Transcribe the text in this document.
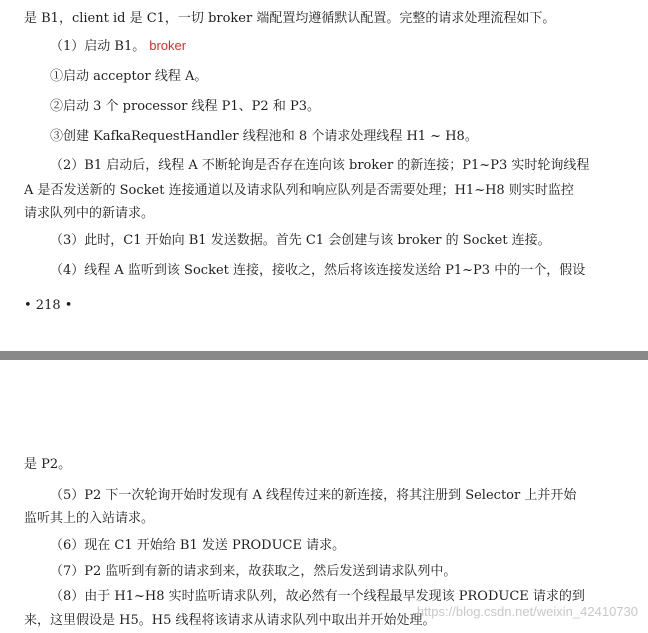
是 B1，client id 是 C1，一切 broker 端配置均遵循默认配置。完整的请求处理流程如下。
（1）启动 B1。 broker
①启动 acceptor 线程 A。
②启动 3 个 processor 线程 P1、P2 和 P3。
③创建 KafkaRequestHandler 线程池和 8 个请求处理线程 H1 ~ H8。
（2）B1 启动后，线程 A 不断轮询是否存在连向该 broker 的新连接；P1~P3 实时轮询线程
A 是否发送新的 Socket 连接通道以及请求队列和响应队列是否需要处理；H1~H8 则实时监控
请求队列中的新请求。
（3）此时，C1 开始向 B1 发送数据。首先 C1 会创建与该 broker 的 Socket 连接。
（4）线程 A 监听到该 Socket 连接，接收之，然后将该连接发送给 P1~P3 中的一个，假设
• 218 •
是 P2。
（5）P2 下一次轮询开始时发现有 A 线程传过来的新连接，将其注册到 Selector 上并开始
监听其上的入站请求。
（6）现在 C1 开始给 B1 发送 PRODUCE 请求。
（7）P2 监听到有新的请求到来，故获取之，然后发送到请求队列中。
（8）由于 H1~H8 实时监听请求队列，故必然有一个线程最早发现该 PRODUCE 请求的到
来，这里假设是 H5。H5 线程将该请求从请求队列中取出并开始处理。
https://blog.csdn.net/weixin_42410730
